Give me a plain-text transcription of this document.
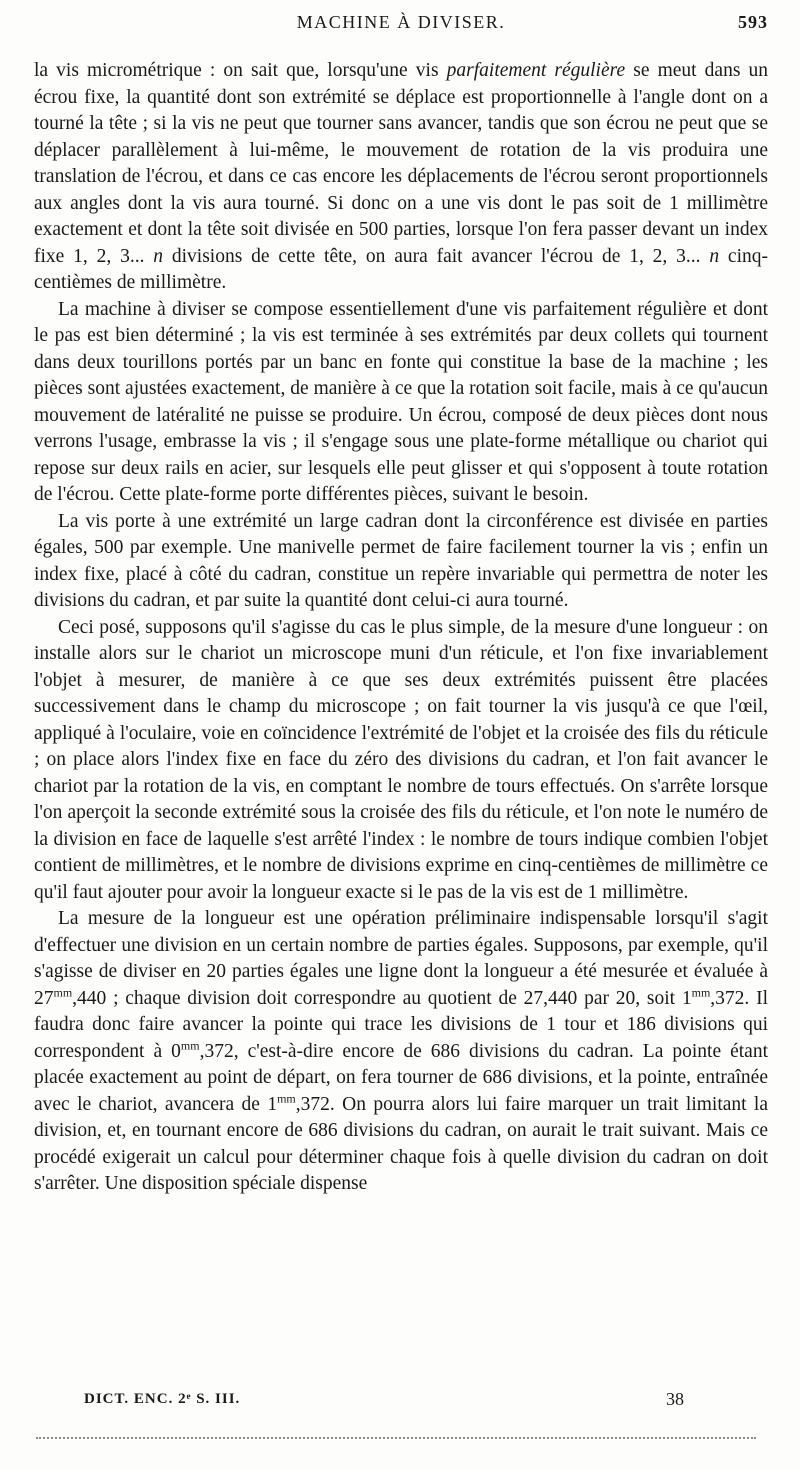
MACHINE À DIVISER.	593

la vis micrométrique : on sait que, lorsqu'une vis parfaitement régulière se meut dans un écrou fixe, la quantité dont son extrémité se déplace est proportionnelle à l'angle dont on a tourné la tête ; si la vis ne peut que tourner sans avancer, tandis que son écrou ne peut que se déplacer parallèlement à lui-même, le mouvement de rotation de la vis produira une translation de l'écrou, et dans ce cas encore les déplacements de l'écrou seront proportionnels aux angles dont la vis aura tourné. Si donc on a une vis dont le pas soit de 1 millimètre exactement et dont la tête soit divisée en 500 parties, lorsque l'on fera passer devant un index fixe 1, 2, 3... n divisions de cette tête, on aura fait avancer l'écrou de 1, 2, 3... n cinq-centièmes de millimètre.

La machine à diviser se compose essentiellement d'une vis parfaitement régulière et dont le pas est bien déterminé ; la vis est terminée à ses extrémités par deux collets qui tournent dans deux tourillons portés par un banc en fonte qui constitue la base de la machine ; les pièces sont ajustées exactement, de manière à ce que la rotation soit facile, mais à ce qu'aucun mouvement de latéralité ne puisse se produire. Un écrou, composé de deux pièces dont nous verrons l'usage, embrasse la vis ; il s'engage sous une plate-forme métallique ou chariot qui repose sur deux rails en acier, sur lesquels elle peut glisser et qui s'opposent à toute rotation de l'écrou. Cette plate-forme porte différentes pièces, suivant le besoin.

La vis porte à une extrémité un large cadran dont la circonférence est divisée en parties égales, 500 par exemple. Une manivelle permet de faire facilement tourner la vis ; enfin un index fixe, placé à côté du cadran, constitue un repère invariable qui permettra de noter les divisions du cadran, et par suite la quantité dont celui-ci aura tourné.

Ceci posé, supposons qu'il s'agisse du cas le plus simple, de la mesure d'une longueur : on installe alors sur le chariot un microscope muni d'un réticule, et l'on fixe invariablement l'objet à mesurer, de manière à ce que ses deux extrémités puissent être placées successivement dans le champ du microscope ; on fait tourner la vis jusqu'à ce que l'œil, appliqué à l'oculaire, voie en coïncidence l'extrémité de l'objet et la croisée des fils du réticule ; on place alors l'index fixe en face du zéro des divisions du cadran, et l'on fait avancer le chariot par la rotation de la vis, en comptant le nombre de tours effectués. On s'arrête lorsque l'on aperçoit la seconde extrémité sous la croisée des fils du réticule, et l'on note le numéro de la division en face de laquelle s'est arrêté l'index : le nombre de tours indique combien l'objet contient de millimètres, et le nombre de divisions exprime en cinq-centièmes de millimètre ce qu'il faut ajouter pour avoir la longueur exacte si le pas de la vis est de 1 millimètre.

La mesure de la longueur est une opération préliminaire indispensable lorsqu'il s'agit d'effectuer une division en un certain nombre de parties égales. Supposons, par exemple, qu'il s'agisse de diviser en 20 parties égales une ligne dont la longueur a été mesurée et évaluée à $27^{mm},440$ ; chaque division doit correspondre au quotient de 27,440 par 20, soit $1^{mm},372$. Il faudra donc faire avancer la pointe qui trace les divisions de 1 tour et 186 divisions qui correspondent à $0^{mm},372$, c'est-à-dire encore de 686 divisions du cadran. La pointe étant placée exactement au point de départ, on fera tourner de 686 divisions, et la pointe, entraînée avec le chariot, avancera de $1^{mm},372$. On pourra alors lui faire marquer un trait limitant la division, et, en tournant encore de 686 divisions du cadran, on aurait le trait suivant. Mais ce procédé exigerait un calcul pour déterminer chaque fois à quelle division du cadran on doit s'arrêter. Une disposition spéciale dispense

DICT. ENC. 2ᵉ S. III.	38
